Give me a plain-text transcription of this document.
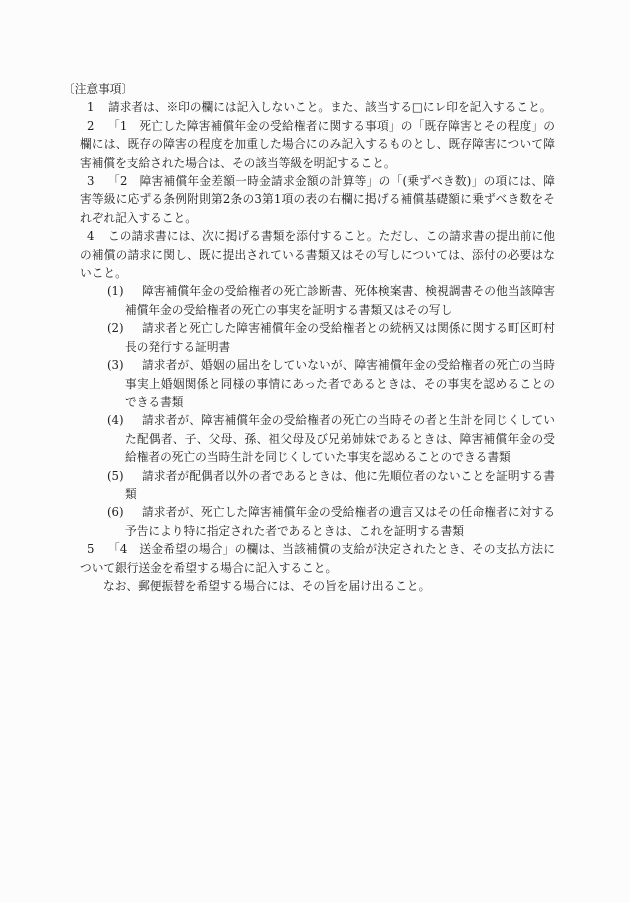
〔注意事項〕
1 請求者は、※印の欄には記入しないこと。また、該当する□にレ印を記入すること。
2 「1　死亡した障害補償年金の受給権者に関する事項」の「既存障害とその程度」の欄には、既存の障害の程度を加重した場合にのみ記入するものとし、既存障害について障害補償を支給された場合は、その該当等級を明記すること。
3 「2　障害補償年金差額一時金請求金額の計算等」の「(乗ずべき数)」の項には、障害等級に応ずる条例附則第2条の3第1項の表の右欄に掲げる補償基礎額に乗ずべき数をそれぞれ記入すること。
4 この請求書には、次に掲げる書類を添付すること。ただし、この請求書の提出前に他の補償の請求に関し、既に提出されている書類又はその写しについては、添付の必要はないこと。
(1) 障害補償年金の受給権者の死亡診断書、死体検案書、検視調書その他当該障害補償年金の受給権者の死亡の事実を証明する書類又はその写し
(2) 請求者と死亡した障害補償年金の受給権者との続柄又は関係に関する町区町村長の発行する証明書
(3) 請求者が、婚姻の届出をしていないが、障害補償年金の受給権者の死亡の当時事実上婚姻関係と同様の事情にあった者であるときは、その事実を認めることのできる書類
(4) 請求者が、障害補償年金の受給権者の死亡の当時その者と生計を同じくしていた配偶者、子、父母、孫、祖父母及び兄弟姉妹であるときは、障害補償年金の受給権者の死亡の当時生計を同じくしていた事実を認めることのできる書類
(5) 請求者が配偶者以外の者であるときは、他に先順位者のないことを証明する書類
(6) 請求者が、死亡した障害補償年金の受給権者の遺言又はその任命権者に対する予告により特に指定された者であるときは、これを証明する書類
5 「4　送金希望の場合」の欄は、当該補償の支給が決定されたとき、その支払方法について銀行送金を希望する場合に記入すること。
なお、郵便振替を希望する場合には、その旨を届け出ること。
